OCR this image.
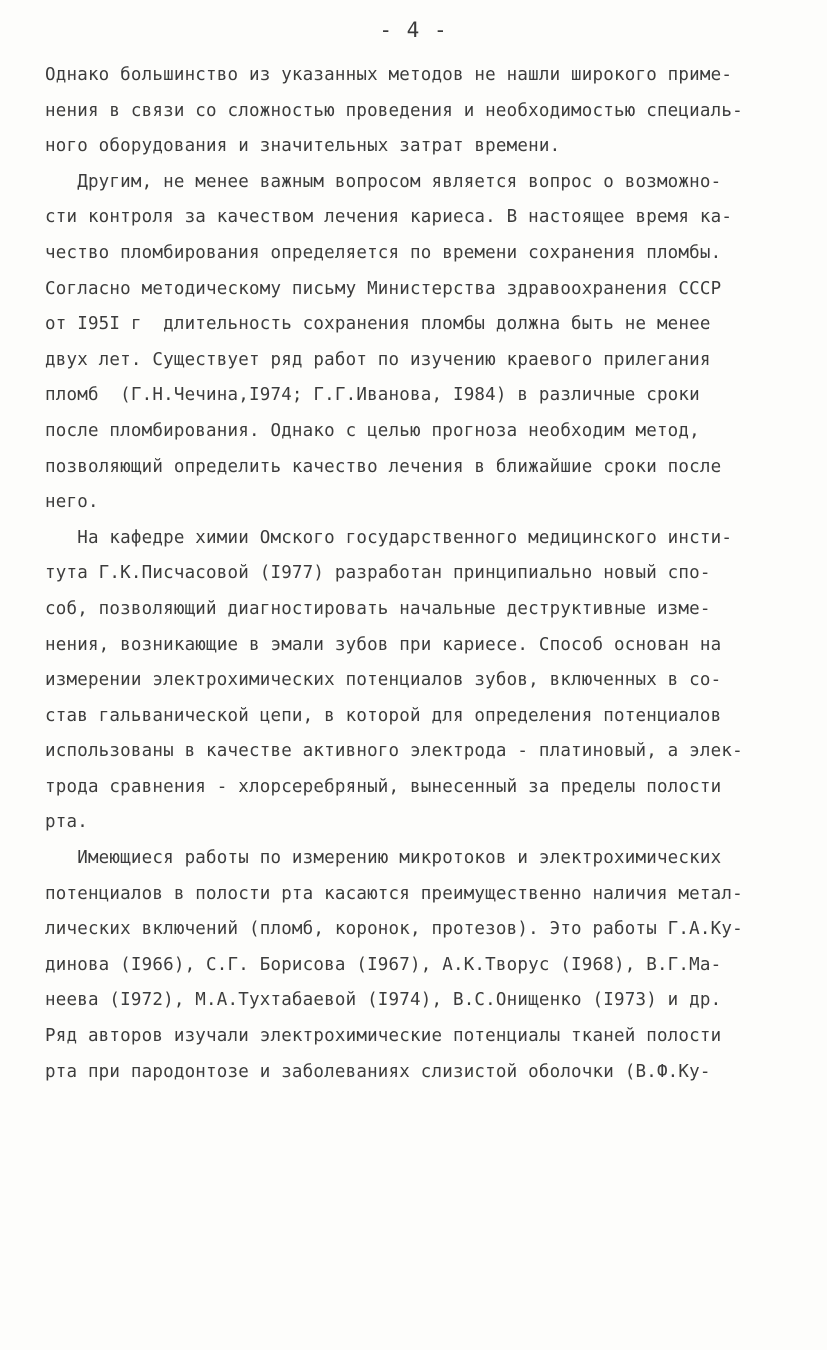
- 4 -
Однако большинство из указанных методов не нашли широкого приме-
нения в связи со сложностью проведения и необходимостью специаль-
ного оборудования и значительных затрат времени.
Другим, не менее важным вопросом является вопрос о возможно-
сти контроля за качеством лечения кариеса. В настоящее время ка-
чество пломбирования определяется по времени сохранения пломбы.
Согласно методическому письму Министерства здравоохранения СССР
от I95I г  длительность сохранения пломбы должна быть не менее
двух лет. Существует ряд работ по изучению краевого прилегания
пломб  (Г.Н.Чечина,I974; Г.Г.Иванова, I984) в различные сроки
после пломбирования. Однако с целью прогноза необходим метод,
позволяющий определить качество лечения в ближайшие сроки после
него.
На кафедре химии Омского государственного медицинского инсти-
тута Г.К.Писчасовой (I977) разработан принципиально новый спо-
соб, позволяющий диагностировать начальные деструктивные изме-
нения, возникающие в эмали зубов при кариесе. Способ основан на
измерении электрохимических потенциалов зубов, включенных в со-
став гальванической цепи, в которой для определения потенциалов
использованы в качестве активного электрода - платиновый, а элек-
трода сравнения - хлорсеребряный, вынесенный за пределы полости
рта.
Имеющиеся работы по измерению микротоков и электрохимических
потенциалов в полости рта касаются преимущественно наличия метал-
лических включений (пломб, коронок, протезов). Это работы Г.А.Ку-
динова (I966), С.Г. Борисова (I967), А.К.Творус (I968), В.Г.Ма-
неева (I972), М.А.Тухтабаевой (I974), В.С.Онищенко (I973) и др.
Ряд авторов изучали электрохимические потенциалы тканей полости
рта при пародонтозе и заболеваниях слизистой оболочки (В.Ф.Ку-
